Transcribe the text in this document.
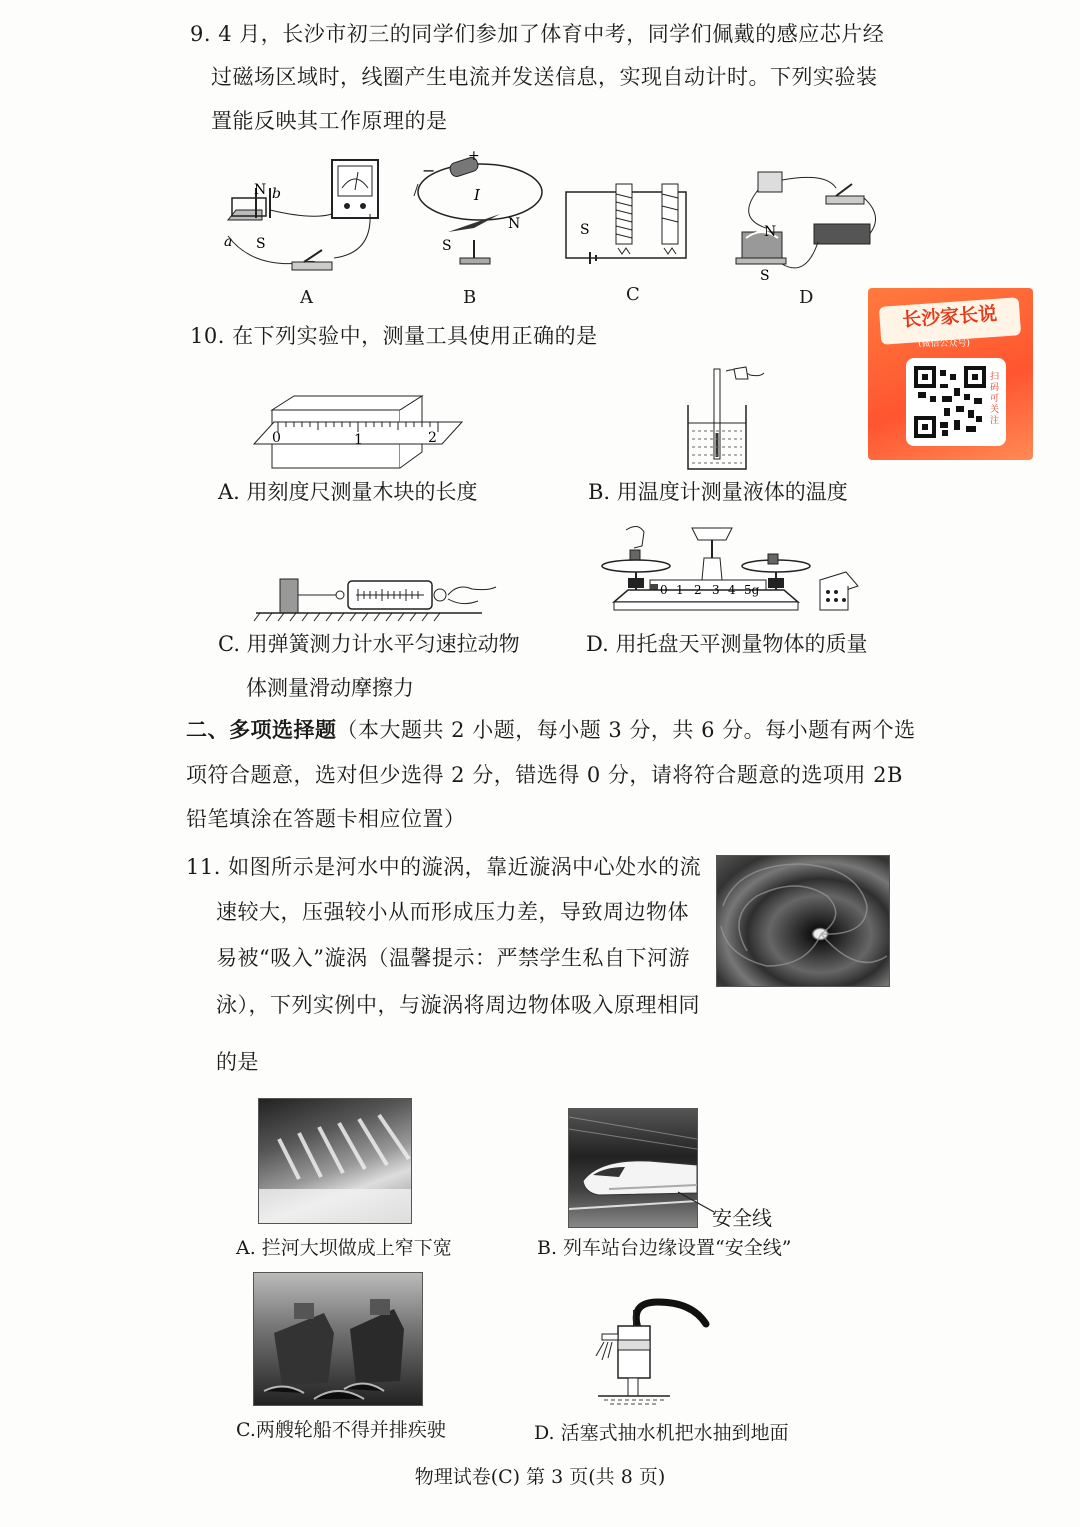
9. 4 月，长沙市初三的同学们参加了体育中考，同学们佩戴的感应芯片经
过磁场区域时，线圈产生电流并发送信息，实现自动计时。下列实验装
置能反映其工作原理的是
N b
a S
A
−
+
I
S
N
B
S
C
N
S
D
长沙家长说
(微信公众号)
扫码可关注
10. 在下列实验中，测量工具使用正确的是
0	1	2
A. 用刻度尺测量木块的长度	B. 用温度计测量液体的温度
C. 用弹簧测力计水平匀速拉动物
体测量滑动摩擦力
0 1 2 3 4 5g
D. 用托盘天平测量物体的质量
二、多项选择题（本大题共 2 小题，每小题 3 分，共 6 分。每小题有两个选
项符合题意，选对但少选得 2 分，错选得 0 分，请将符合题意的选项用 2B
铅笔填涂在答题卡相应位置）
11. 如图所示是河水中的漩涡，靠近漩涡中心处水的流
速较大，压强较小从而形成压力差，导致周边物体
易被“吸入”漩涡（温馨提示：严禁学生私自下河游
泳），下列实例中，与漩涡将周边物体吸入原理相同
的是
A. 拦河大坝做成上窄下宽
安全线
B. 列车站台边缘设置“安全线”
C.两艘轮船不得并排疾驶	D. 活塞式抽水机把水抽到地面
物理试卷(C) 第 3 页(共 8 页)
